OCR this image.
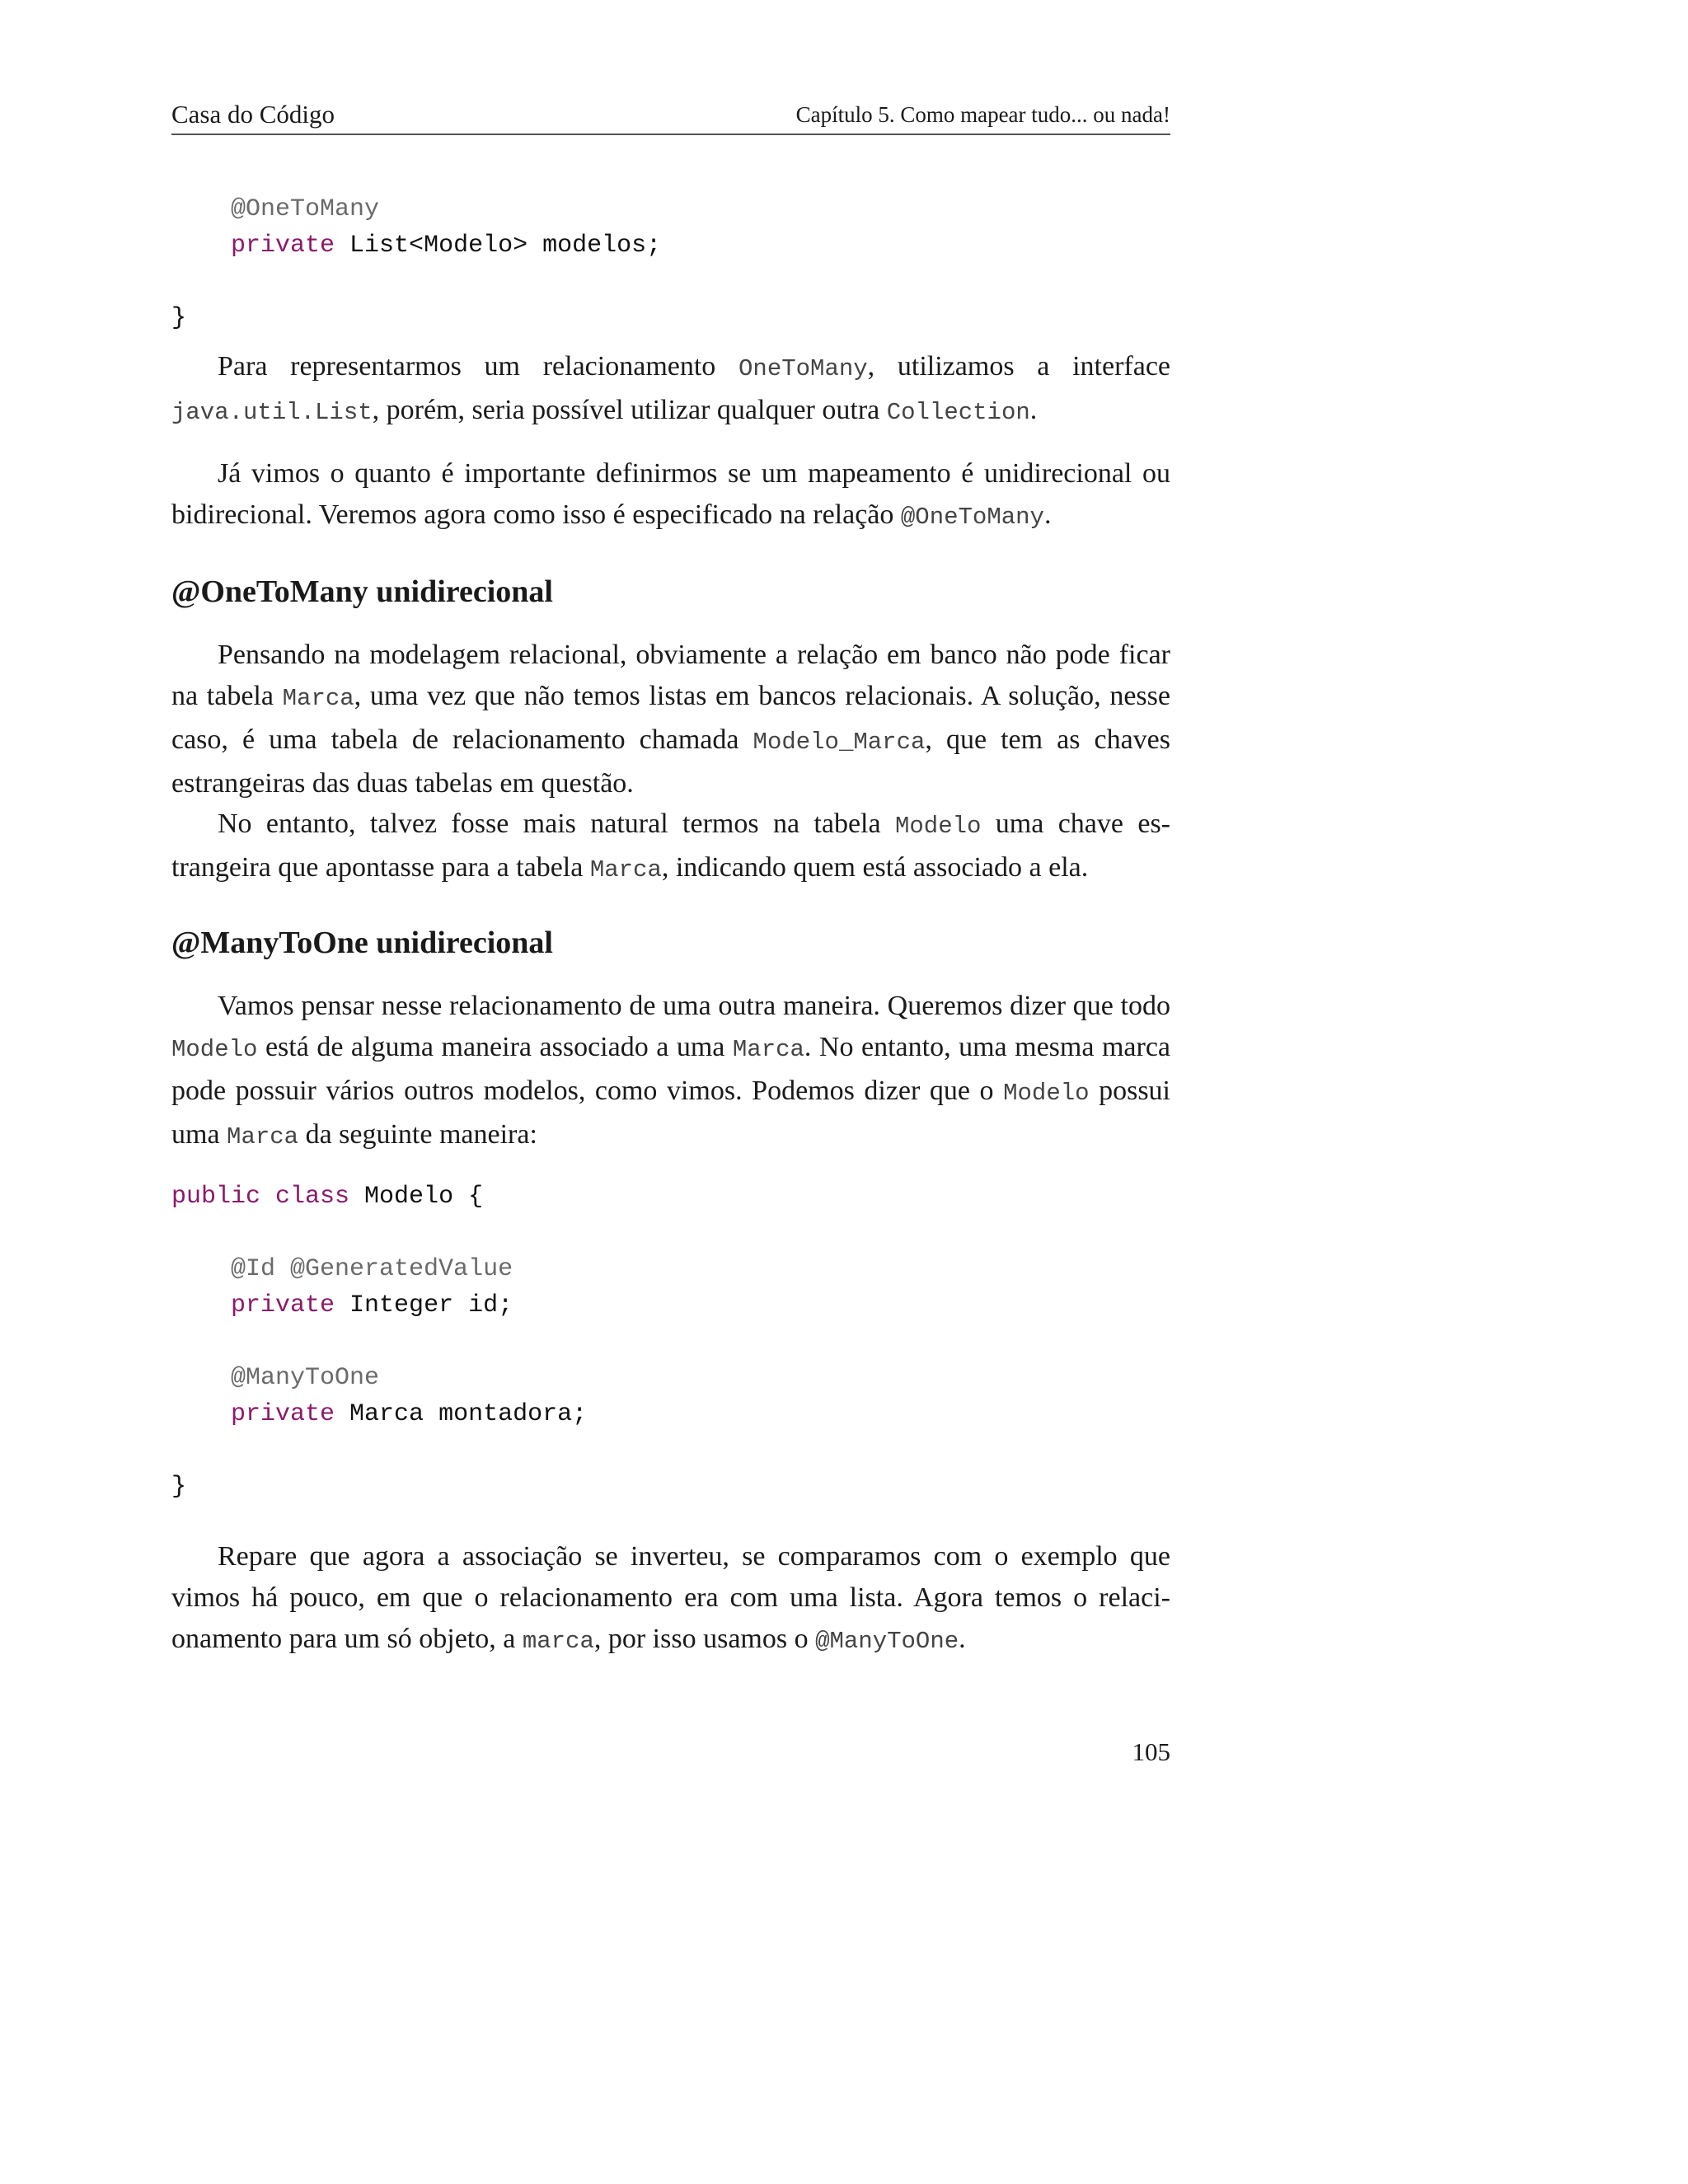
Casa do Código	Capítulo 5. Como mapear tudo... ou nada!
@OneToMany
private List<Modelo> modelos;

}

Para representarmos um relacionamento OneToMany, utilizamos a interface java.util.List, porém, seria possível utilizar qualquer outra Collection.

Já vimos o quanto é importante definirmos se um mapeamento é unidirecional ou bidirecional. Veremos agora como isso é especificado na relação @OneToMany.

@OneToMany unidirecional

Pensando na modelagem relacional, obviamente a relação em banco não pode ficar na tabela Marca, uma vez que não temos listas em bancos relacionais. A solução, nesse caso, é uma tabela de relacionamento chamada Modelo_Marca, que tem as chaves estrangeiras das duas tabelas em questão.

No entanto, talvez fosse mais natural termos na tabela Modelo uma chave estrangeira que apontasse para a tabela Marca, indicando quem está associado a ela.

@ManyToOne unidirecional

Vamos pensar nesse relacionamento de uma outra maneira. Queremos dizer que todo Modelo está de alguma maneira associado a uma Marca. No entanto, uma mesma marca pode possuir vários outros modelos, como vimos. Podemos dizer que o Modelo possui uma Marca da seguinte maneira:

public class Modelo {

@Id @GeneratedValue
private Integer id;

@ManyToOne
private Marca montadora;

}

Repare que agora a associação se inverteu, se comparamos com o exemplo que vimos há pouco, em que o relacionamento era com uma lista. Agora temos o relacionamento para um só objeto, a marca, por isso usamos o @ManyToOne.

105
